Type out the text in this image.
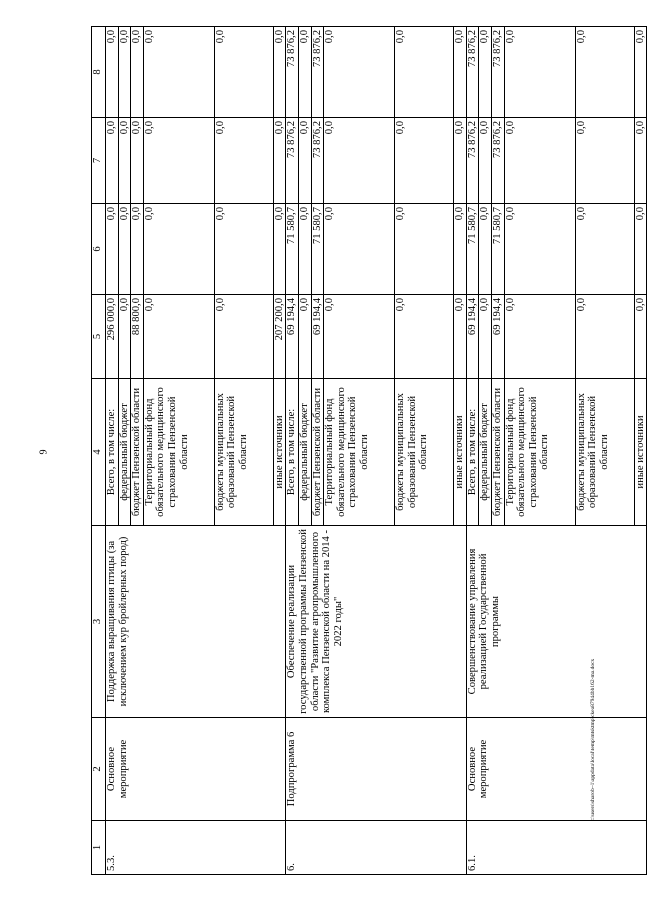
9
c:\users\sharob~1\appdata\local\temp\mtsktmp\ckea87944bb162-ma.docx
1	2	3	4	5	6	7	8
5.3.	Основное мероприятие	Поддержка выращивания птицы (за исключением кур бройлерных пород)	Всего, в том числе:	296 000,0	0,0	0,0	0,0
			федеральный бюджет	0,0	0,0	0,0	0,0
			бюджет Пензенской области	88 800,0	0,0	0,0	0,0
			Территориальный фонд обязательного медицинского страхования Пензенской области	0,0	0,0	0,0	0,0
			бюджеты муниципальных образований Пензенской области	0,0	0,0	0,0	0,0
			иные источники	207 200,0	0,0	0,0	0,0
6.	Подпрограмма 6	Обеспечение реализации государственной программы Пензенской области "Развитие агропромышленного комплекса Пензенской области на 2014 - 2022 годы"	Всего, в том числе:	69 194,4	71 580,7	73 876,2	73 876,2
			федеральный бюджет	0,0	0,0	0,0	0,0
			бюджет Пензенской области	69 194,4	71 580,7	73 876,2	73 876,2
			Территориальный фонд обязательного медицинского страхования Пензенской области	0,0	0,0	0,0	0,0
			бюджеты муниципальных образований Пензенской области	0,0	0,0	0,0	0,0
			иные источники	0,0	0,0	0,0	0,0
6.1.	Основное мероприятие	Совершенствование управления реализацией Государственной программы	Всего, в том числе:	69 194,4	71 580,7	73 876,2	73 876,2
			федеральный бюджет	0,0	0,0	0,0	0,0
			бюджет Пензенской области	69 194,4	71 580,7	73 876,2	73 876,2
			Территориальный фонд обязательного медицинского страхования Пензенской области	0,0	0,0	0,0	0,0
			бюджеты муниципальных образований Пензенской области	0,0	0,0	0,0	0,0
			иные источники	0,0	0,0	0,0	0,0
